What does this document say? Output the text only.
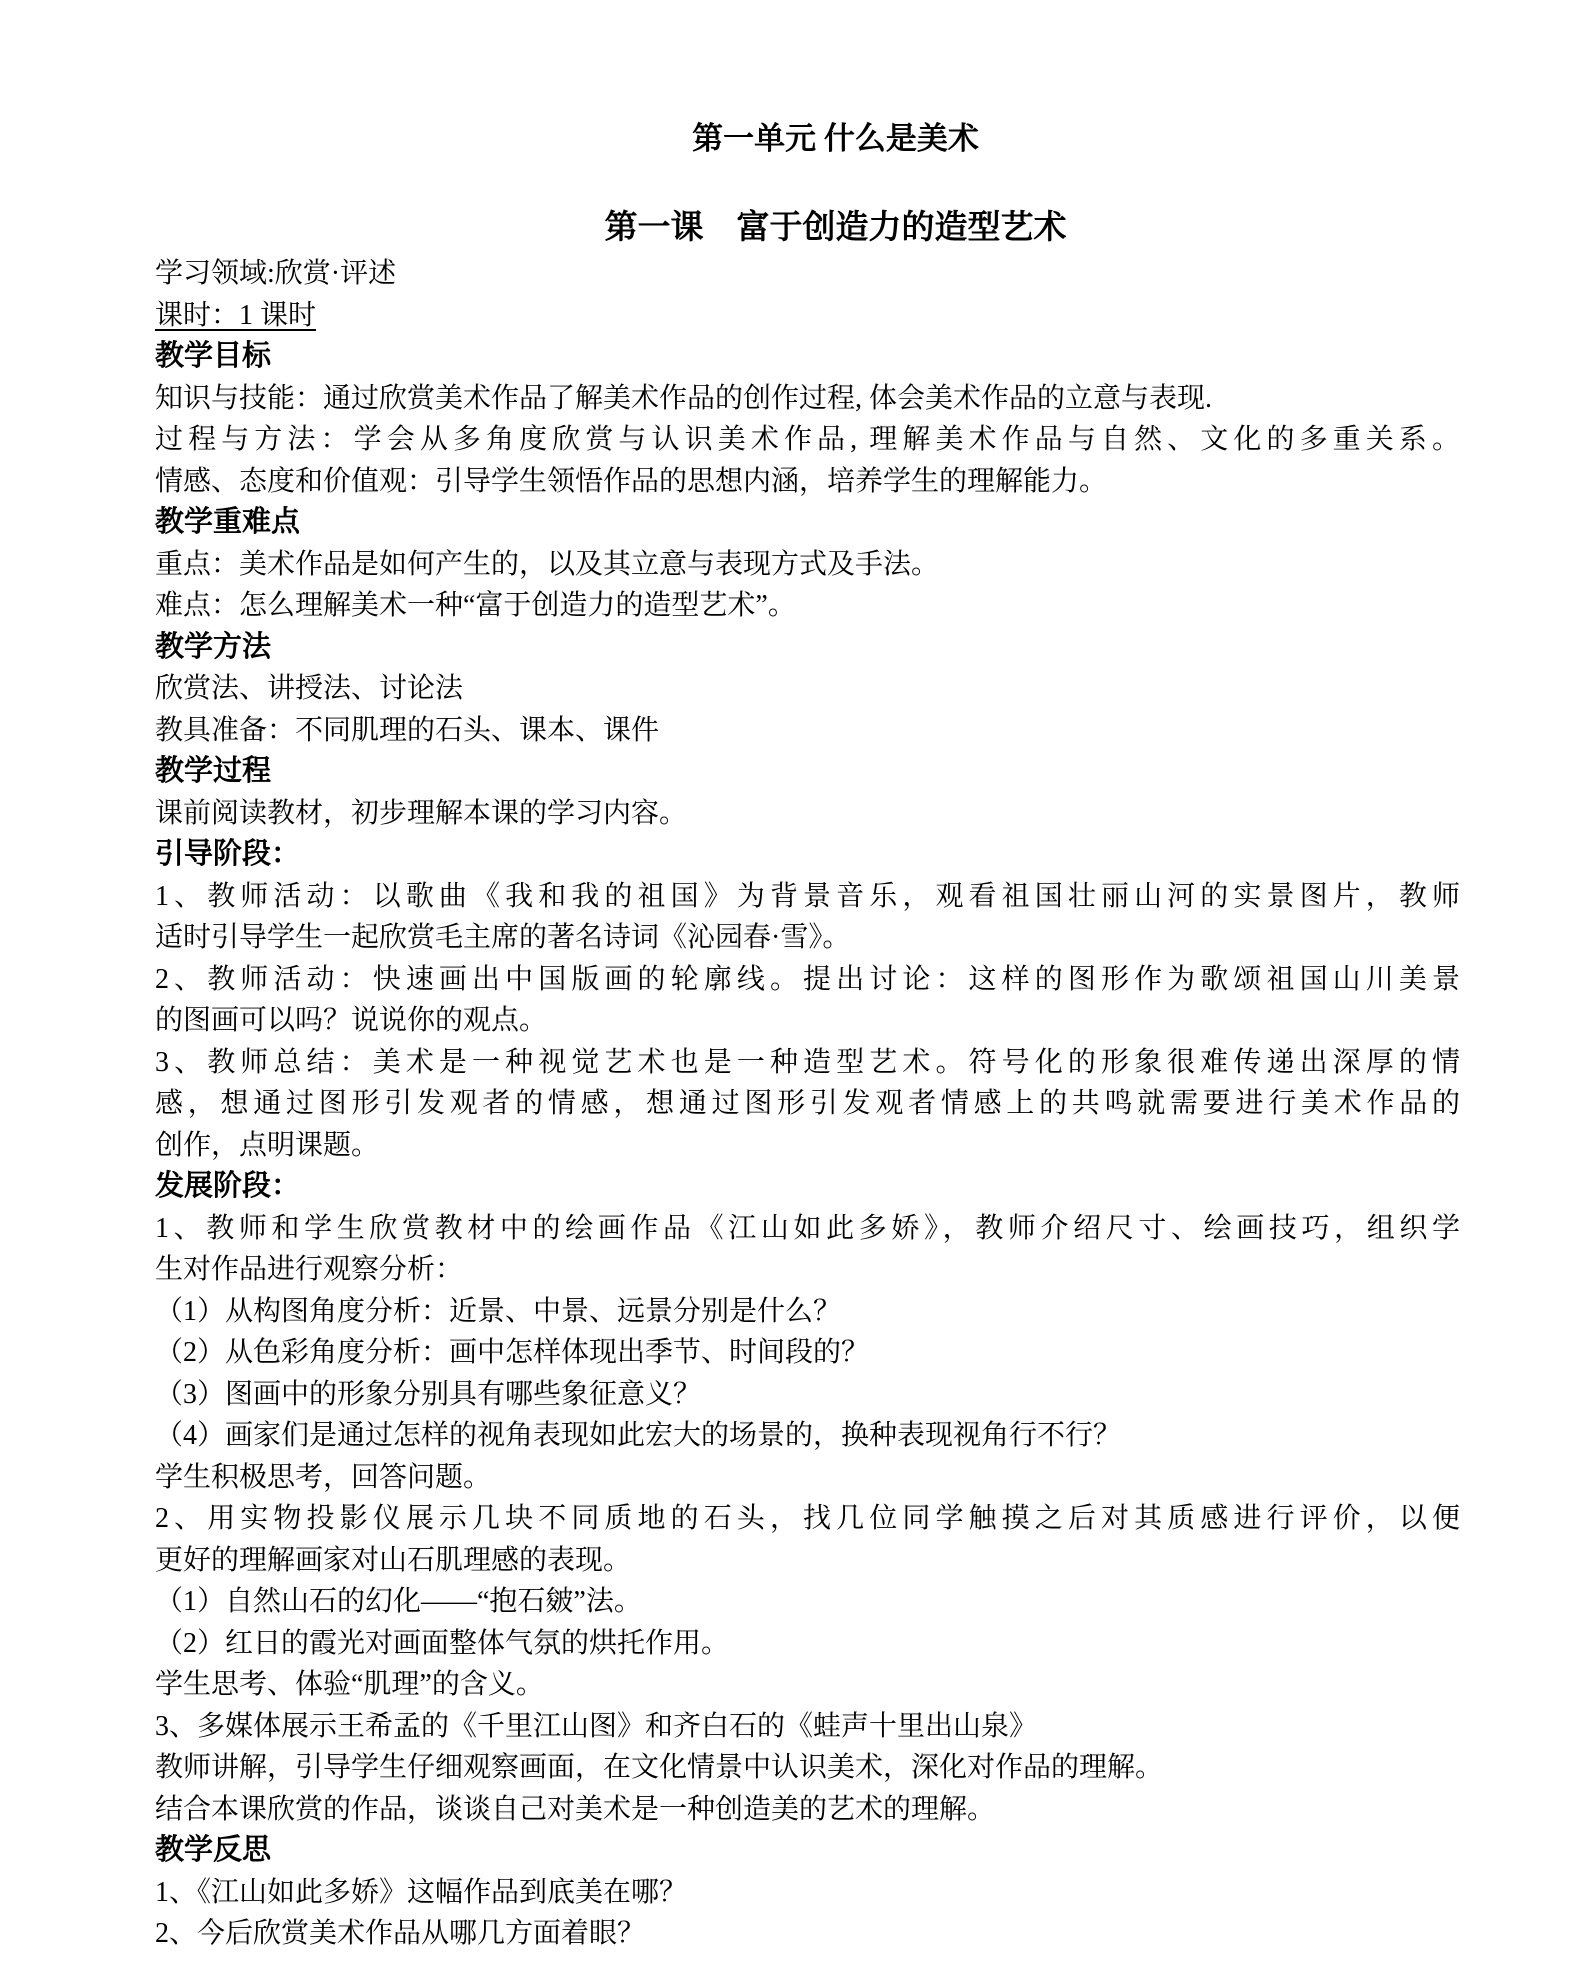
第一单元 什么是美术
第一课　富于创造力的造型艺术
学习领域:欣赏·评述
课时：1 课时
教学目标
知识与技能：通过欣赏美术作品了解美术作品的创作过程, 体会美术作品的立意与表现.
过程与方法：学会从多角度欣赏与认识美术作品, 理解美术作品与自然、文化的多重关系。
情感、态度和价值观：引导学生领悟作品的思想内涵，培养学生的理解能力。
教学重难点
重点：美术作品是如何产生的，以及其立意与表现方式及手法。
难点：怎么理解美术一种“富于创造力的造型艺术”。
教学方法
欣赏法、讲授法、讨论法
教具准备：不同肌理的石头、课本、课件
教学过程
课前阅读教材，初步理解本课的学习内容。
引导阶段：
1、教师活动：以歌曲《我和我的祖国》为背景音乐，观看祖国壮丽山河的实景图片，教师
适时引导学生一起欣赏毛主席的著名诗词《沁园春·雪》。
2、教师活动：快速画出中国版画的轮廓线。提出讨论：这样的图形作为歌颂祖国山川美景
的图画可以吗？说说你的观点。
3、教师总结：美术是一种视觉艺术也是一种造型艺术。符号化的形象很难传递出深厚的情
感，想通过图形引发观者的情感，想通过图形引发观者情感上的共鸣就需要进行美术作品的
创作，点明课题。
发展阶段：
1、教师和学生欣赏教材中的绘画作品《江山如此多娇》，教师介绍尺寸、绘画技巧，组织学
生对作品进行观察分析：
（1）从构图角度分析：近景、中景、远景分别是什么？
（2）从色彩角度分析：画中怎样体现出季节、时间段的？
（3）图画中的形象分别具有哪些象征意义？
（4）画家们是通过怎样的视角表现如此宏大的场景的，换种表现视角行不行？
学生积极思考，回答问题。
2、用实物投影仪展示几块不同质地的石头，找几位同学触摸之后对其质感进行评价，以便
更好的理解画家对山石肌理感的表现。
（1）自然山石的幻化——“抱石皴”法。
（2）红日的霞光对画面整体气氛的烘托作用。
学生思考、体验“肌理”的含义。
3、多媒体展示王希孟的《千里江山图》和齐白石的《蛙声十里出山泉》
教师讲解，引导学生仔细观察画面，在文化情景中认识美术，深化对作品的理解。
结合本课欣赏的作品，谈谈自己对美术是一种创造美的艺术的理解。
教学反思
1、《江山如此多娇》这幅作品到底美在哪？
2、今后欣赏美术作品从哪几方面着眼？
